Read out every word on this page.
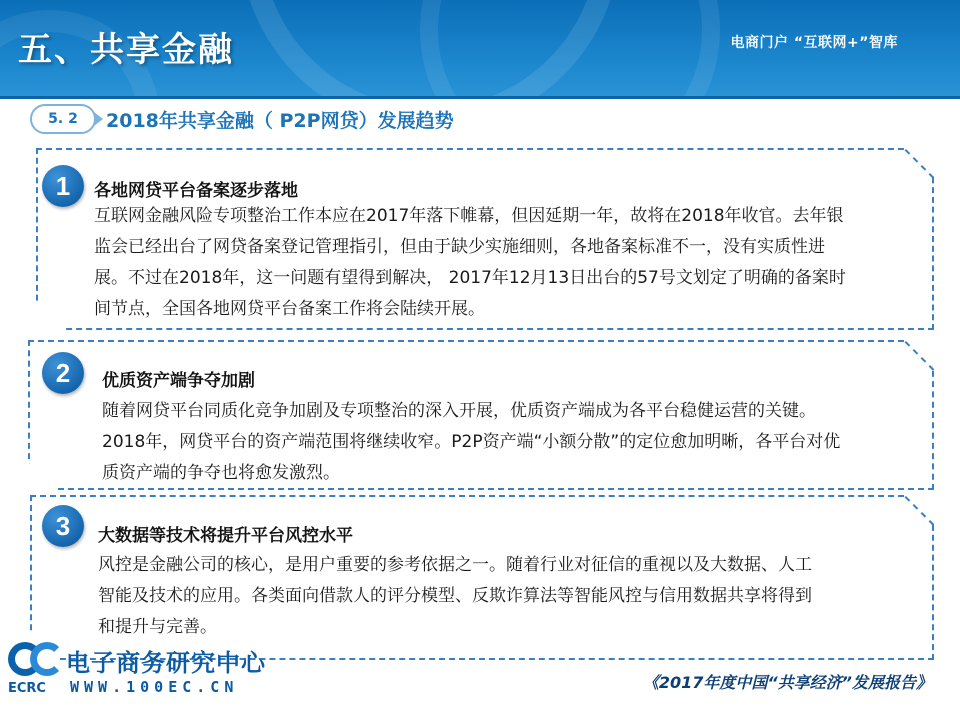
五、共享金融	电商门户 “互联网+”智库
5. 2	2018年共享金融（ P2P网贷）发展趋势
1	各地网贷平台备案逐步落地
互联网金融风险专项整治工作本应在2017年落下帷幕，但因延期一年，故将在2018年收官。去年银
监会已经出台了网贷备案登记管理指引，但由于缺少实施细则，各地备案标准不一，没有实质性进
展。不过在2018年，这一问题有望得到解决， 2017年12月13日出台的57号文划定了明确的备案时
间节点，全国各地网贷平台备案工作将会陆续开展。
2	优质资产端争夺加剧
随着网贷平台同质化竞争加剧及专项整治的深入开展，优质资产端成为各平台稳健运营的关键。
2018年，网贷平台的资产端范围将继续收窄。P2P资产端“小额分散”的定位愈加明晰，各平台对优
质资产端的争夺也将愈发激烈。
3	大数据等技术将提升平台风控水平
风控是金融公司的核心，是用户重要的参考依据之一。随着行业对征信的重视以及大数据、人工
智能及技术的应用。各类面向借款人的评分模型、反欺诈算法等智能风控与信用数据共享将得到
和提升与完善。
电子商务研究中心
ECRC WWW.100EC.CN	《2017年度中国“共享经济”发展报告》
